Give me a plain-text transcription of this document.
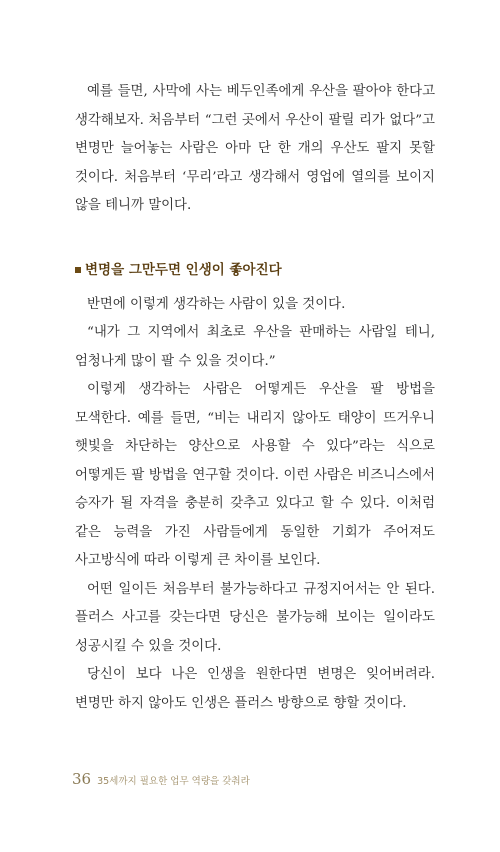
예를 들면, 사막에 사는 베두인족에게 우산을 팔아야 한다고 생각해보자. 처음부터 “그런 곳에서 우산이 팔릴 리가 없다”고 변명만 늘어놓는 사람은 아마 단 한 개의 우산도 팔지 못할 것이다. 처음부터 ‘무리’라고 생각해서 영업에 열의를 보이지 않을 테니까 말이다.

변명을 그만두면 인생이 좋아진다

반면에 이렇게 생각하는 사람이 있을 것이다.

“내가 그 지역에서 최초로 우산을 판매하는 사람일 테니, 엄청나게 많이 팔 수 있을 것이다.”

이렇게 생각하는 사람은 어떻게든 우산을 팔 방법을 모색한다. 예를 들면, “비는 내리지 않아도 태양이 뜨거우니 햇빛을 차단하는 양산으로 사용할 수 있다”라는 식으로 어떻게든 팔 방법을 연구할 것이다. 이런 사람은 비즈니스에서 승자가 될 자격을 충분히 갖추고 있다고 할 수 있다. 이처럼 같은 능력을 가진 사람들에게 동일한 기회가 주어져도 사고방식에 따라 이렇게 큰 차이를 보인다.

어떤 일이든 처음부터 불가능하다고 규정지어서는 안 된다. 플러스 사고를 갖는다면 당신은 불가능해 보이는 일이라도 성공시킬 수 있을 것이다.

당신이 보다 나은 인생을 원한다면 변명은 잊어버려라. 변명만 하지 않아도 인생은 플러스 방향으로 향할 것이다.

36 35세까지 필요한 업무 역량을 갖춰라
